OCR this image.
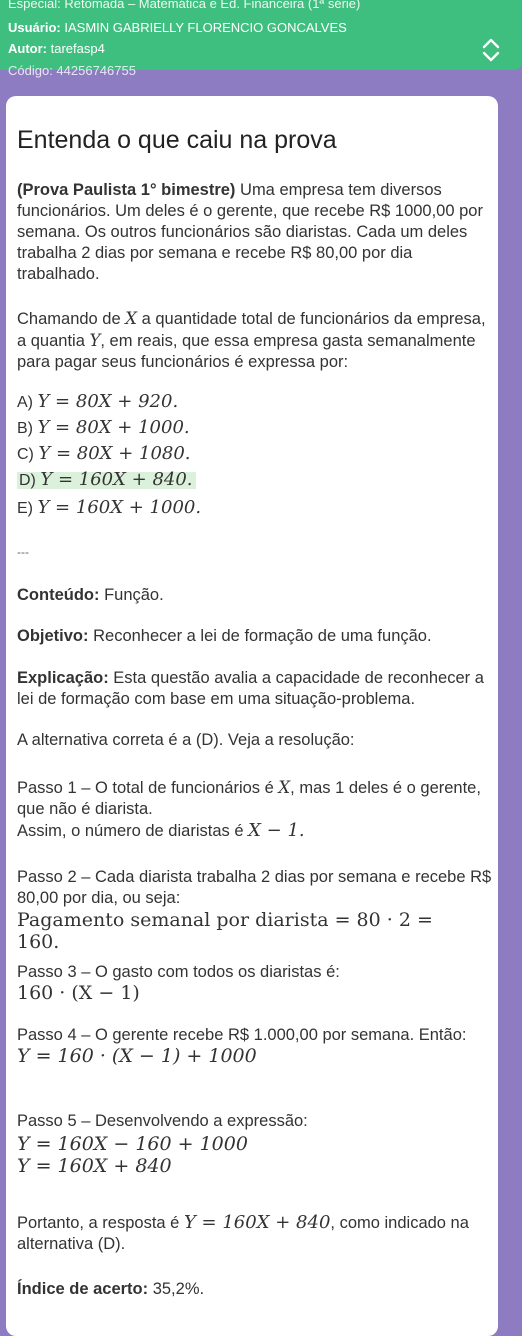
Especial: Retomada – Matemática e Ed. Financeira (1ª série)
Usuário: IASMIN GABRIELLY FLORENCIO GONCALVES
Autor: tarefasp4
Código: 44256746755
Entenda o que caiu na prova
(Prova Paulista 1° bimestre) Uma empresa tem diversos funcionários. Um deles é o gerente, que recebe R$ 1000,00 por semana. Os outros funcionários são diaristas. Cada um deles trabalha 2 dias por semana e recebe R$ 80,00 por dia trabalhado.
Chamando de X a quantidade total de funcionários da empresa, a quantia Y, em reais, que essa empresa gasta semanalmente para pagar seus funcionários é expressa por:
A) Y = 80X + 920.
B) Y = 80X + 1000.
C) Y = 80X + 1080.
D) Y = 160X + 840.
E) Y = 160X + 1000.
---
Conteúdo: Função.
Objetivo: Reconhecer a lei de formação de uma função.
Explicação: Esta questão avalia a capacidade de reconhecer a lei de formação com base em uma situação-problema.
A alternativa correta é a (D). Veja a resolução:
Passo 1 – O total de funcionários é X, mas 1 deles é o gerente, que não é diarista.
Assim, o número de diaristas é X − 1.
Passo 2 – Cada diarista trabalha 2 dias por semana e recebe R$ 80,00 por dia, ou seja:
Pagamento semanal por diarista = 80 · 2 =
160.
Passo 3 – O gasto com todos os diaristas é:
160 · (X − 1)
Passo 4 – O gerente recebe R$ 1.000,00 por semana. Então:
Y = 160 · (X − 1) + 1000
Passo 5 – Desenvolvendo a expressão:
Y = 160X − 160 + 1000
Y = 160X + 840
Portanto, a resposta é Y = 160X + 840, como indicado na alternativa (D).
Índice de acerto: 35,2%.
